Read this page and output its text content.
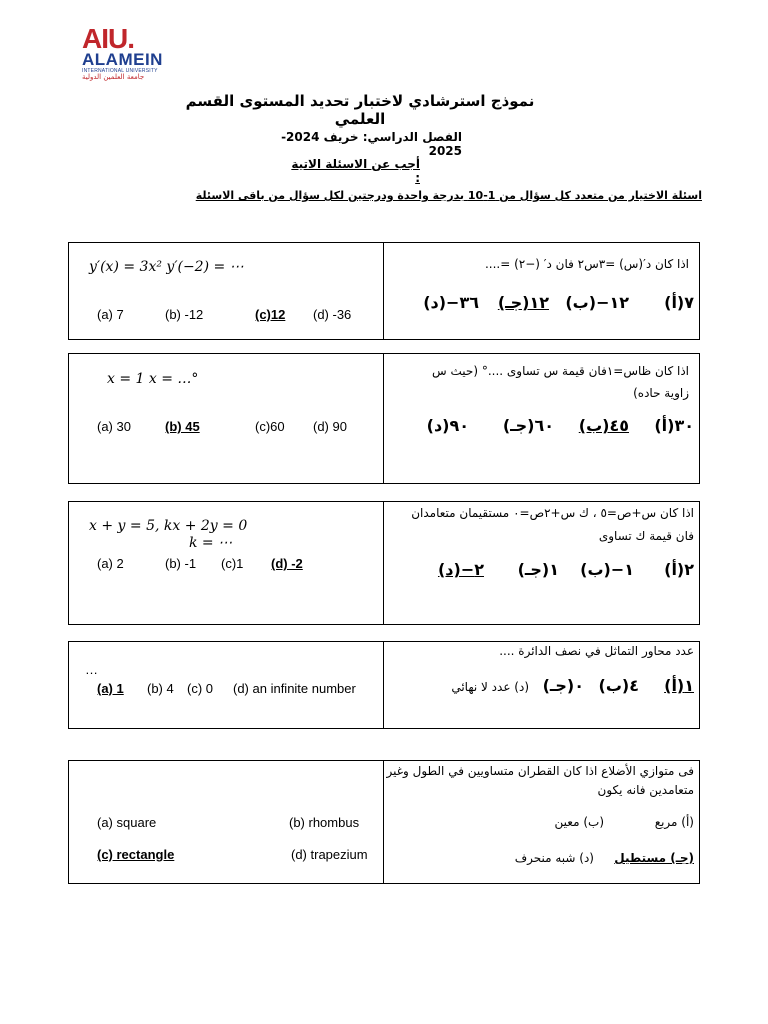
AIU.
ALAMEIN
INTERNATIONAL UNIVERSITY
جامعة العلمين الدولية
نموذج استرشادي لاختبار تحديد المستوى القسم العلمي
الفصل الدراسي: خريف 2024-2025
أجب عن الاسئلة الاتية :
اسئلة الاختيار من متعدد كل سؤال من 1-10 بدرجة واحدة ودرجتين لكل سؤال من باقى الاسئلة
y′(x) = 3x² y′(−2) = ⋯
(a) 7	(b) -12	(c)12 (d) -36
اذا كان د′(س) =٣س٢ فان د′ (−٢) =....
٧(أ)
١٢−(ب)
١٢(جـ)
٣٦−(د)
x = 1 x = …°
(a) 30	(b) 45	(c)60 (d) 90
اذا كان ظاس=١فان قيمة س تساوى ....° (حيث س
زاوية حاده)
٣٠(أ)
٤٥(ب)
٦٠(جـ)
٩٠(د)
x + y = 5, kx + 2y = 0
k = ⋯
(a) 2	(b) -1 (c)1 (d) -2
اذا كان س+ص=٥ ، ك س+٢ص=٠ مستقيمان متعامدان
فان قيمة ك تساوى
٢(أ)
١−(ب)
١(جـ)
٢−(د)
…
(a) 1 (b) 4 (c) 0 (d) an infinite number
عدد محاور التماثل في نصف الدائرة ....
١(أ)
٤(ب)
٠(جـ)
(د) عدد لا نهائي
(a) square	(b) rhombus
(c) rectangle	(d) trapezium
فى متوازي الأضلاع اذا كان القطران متساويين في الطول وغير
متعامدين فانه يكون
(أ) مربع
(ب) معين
(جـ) مستطيل
(د) شبه منحرف
